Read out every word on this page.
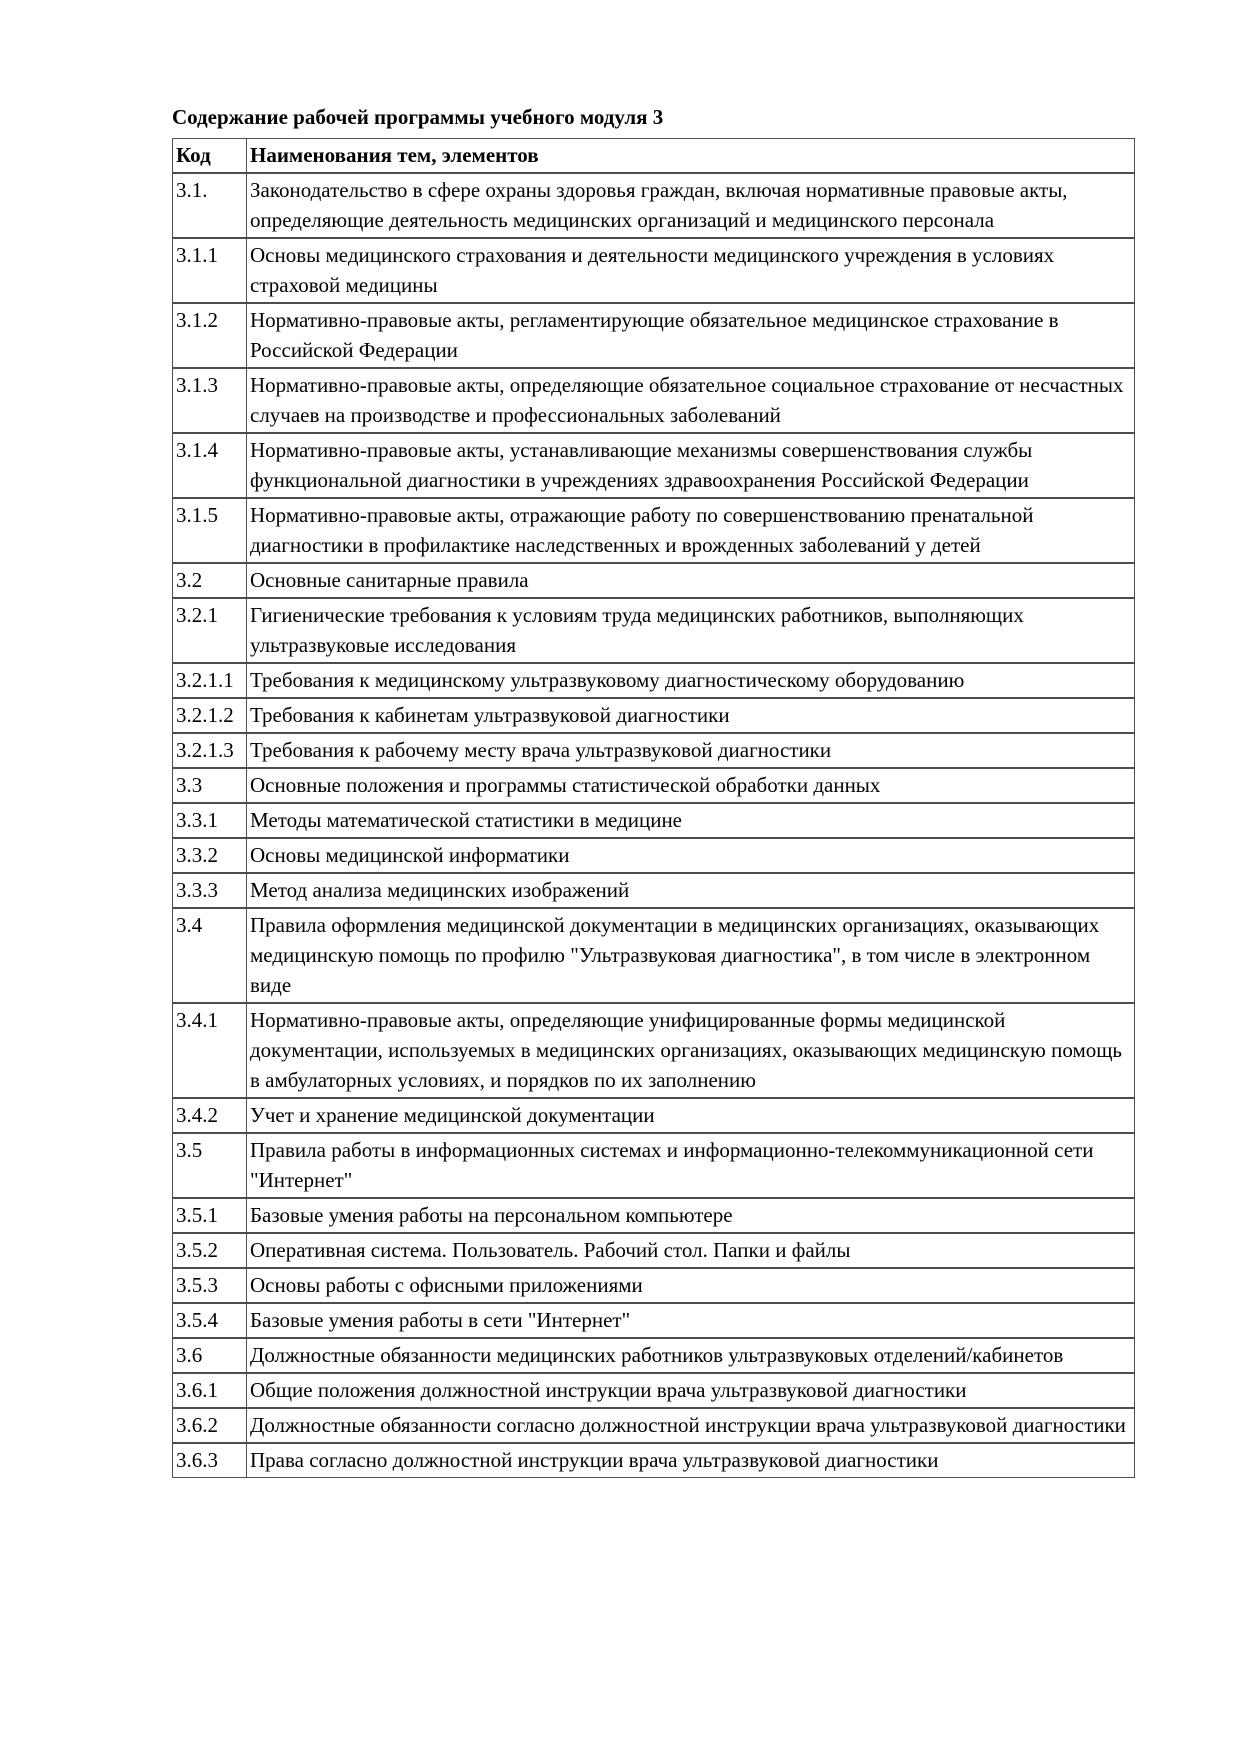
Содержание рабочей программы учебного модуля 3
Код	Наименования тем, элементов
3.1.	Законодательство в сфере охраны здоровья граждан, включая нормативные правовые акты, определяющие деятельность медицинских организаций и медицинского персонала
3.1.1	Основы медицинского страхования и деятельности медицинского учреждения в условиях страховой медицины
3.1.2	Нормативно-правовые акты, регламентирующие обязательное медицинское страхование в Российской Федерации
3.1.3	Нормативно-правовые акты, определяющие обязательное социальное страхование от несчастных случаев на производстве и профессиональных заболеваний
3.1.4	Нормативно-правовые акты, устанавливающие механизмы совершенствования службы функциональной диагностики в учреждениях здравоохранения Российской Федерации
3.1.5	Нормативно-правовые акты, отражающие работу по совершенствованию пренатальной диагностики в профилактике наследственных и врожденных заболеваний у детей
3.2	Основные санитарные правила
3.2.1	Гигиенические требования к условиям труда медицинских работников, выполняющих ультразвуковые исследования
3.2.1.1	Требования к медицинскому ультразвуковому диагностическому оборудованию
3.2.1.2	Требования к кабинетам ультразвуковой диагностики
3.2.1.3	Требования к рабочему месту врача ультразвуковой диагностики
3.3	Основные положения и программы статистической обработки данных
3.3.1	Методы математической статистики в медицине
3.3.2	Основы медицинской информатики
3.3.3	Метод анализа медицинских изображений
3.4	Правила оформления медицинской документации в медицинских организациях, оказывающих медицинскую помощь по профилю "Ультразвуковая диагностика", в том числе в электронном виде
3.4.1	Нормативно-правовые акты, определяющие унифицированные формы медицинской документации, используемых в медицинских организациях, оказывающих медицинскую помощь в амбулаторных условиях, и порядков по их заполнению
3.4.2	Учет и хранение медицинской документации
3.5	Правила работы в информационных системах и информационно-телекоммуникационной сети "Интернет"
3.5.1	Базовые умения работы на персональном компьютере
3.5.2	Оперативная система. Пользователь. Рабочий стол. Папки и файлы
3.5.3	Основы работы с офисными приложениями
3.5.4	Базовые умения работы в сети "Интернет"
3.6	Должностные обязанности медицинских работников ультразвуковых отделений/кабинетов
3.6.1	Общие положения должностной инструкции врача ультразвуковой диагностики
3.6.2	Должностные обязанности согласно должностной инструкции врача ультразвуковой диагностики
3.6.3	Права согласно должностной инструкции врача ультразвуковой диагностики
